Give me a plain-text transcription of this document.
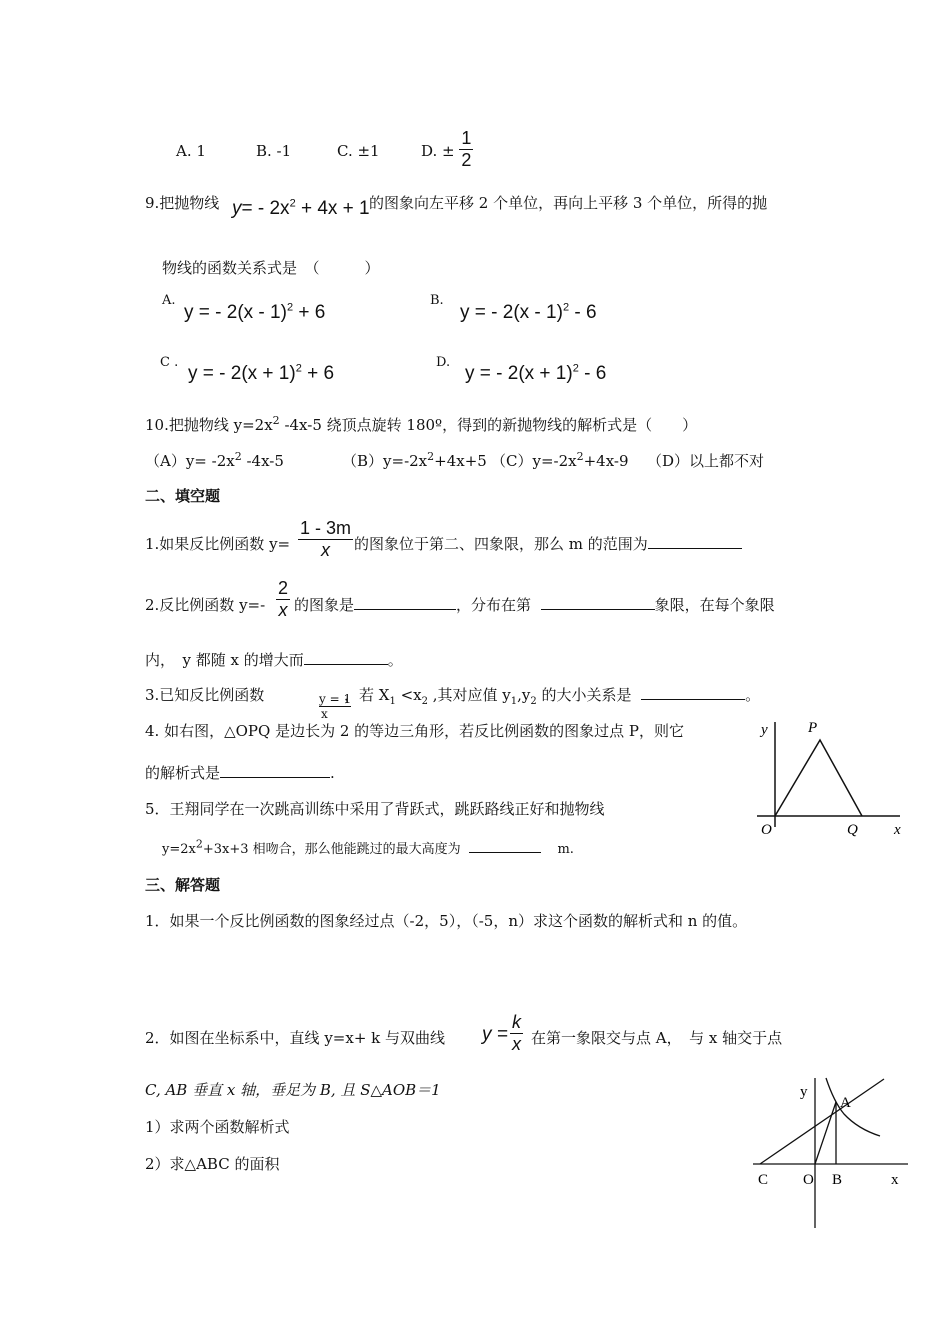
A. 1	B. -1	C. ±1	D. ± $\frac{1}{2}$
9.把抛物线 $y= - 2x^2 + 4x + 1$ 的图象向左平移 2 个单位，再向上平移 3 个单位，所得的抛
物线的函数关系式是　（　　　）
A.
y = - 2(x - 1)$^2$ + 6
B.
y = - 2(x - 1)$^2$ - 6
C .
y = - $2(x + 1)^2 + 6$
D.
y = - $2(x + 1)^2 - 6$
10.把抛物线 $y=2x^2$ -4x-5 绕顶点旋转 180º，得到的新抛物线的解析式是（　　）
$(A)y= -2x^2$ -4x-5	$(B)y=-2x^2+4x+5$ $(C)y=-2x^2+4x-9$ （D）以上都不对
二、填空题
1.如果反比例函数 $y= \frac{1 - 3m}{x}$ 的图象位于第二、四象限，那么 m 的范围为
2.反比例函数 $y=- \frac{2}{x}$ 的图象是	，分布在第	象限，在每个象限
内，　y 都随 x 的增大而	。
3.已知反比例函数	$\frac{y = 1}{x}$
，若 $X_1 <x_2$ ,其对应值 $y_1,y_2$ 的大小关系是	。
4. 如右图，△OPQ 是边长为 2 的等边三角形，若反比例函数的图象过点 P，则它
的解析式是	.
5．王翔同学在一次跳高训练中采用了背跃式，跳跃路线正好和抛物线
$y=2x^2+3x+3$ 相吻合，那么他能跳过的最大高度为	m.
y	P
O	Q x
三、解答题
1．如果一个反比例函数的图象经过点（-2，5），（-5，n）求这个函数的解析式和 n 的值。
2．如图在坐标系中，直线 y=x+ k 与双曲线 $y = \frac{k}{x}$ 在第一象限交与点 A，　与 x 轴交于点
C, AB 垂直 x 轴，垂足为 B, 且 S△AOB＝1
1）求两个函数解析式
2）求△ABC 的面积
y
A
C O B	x
